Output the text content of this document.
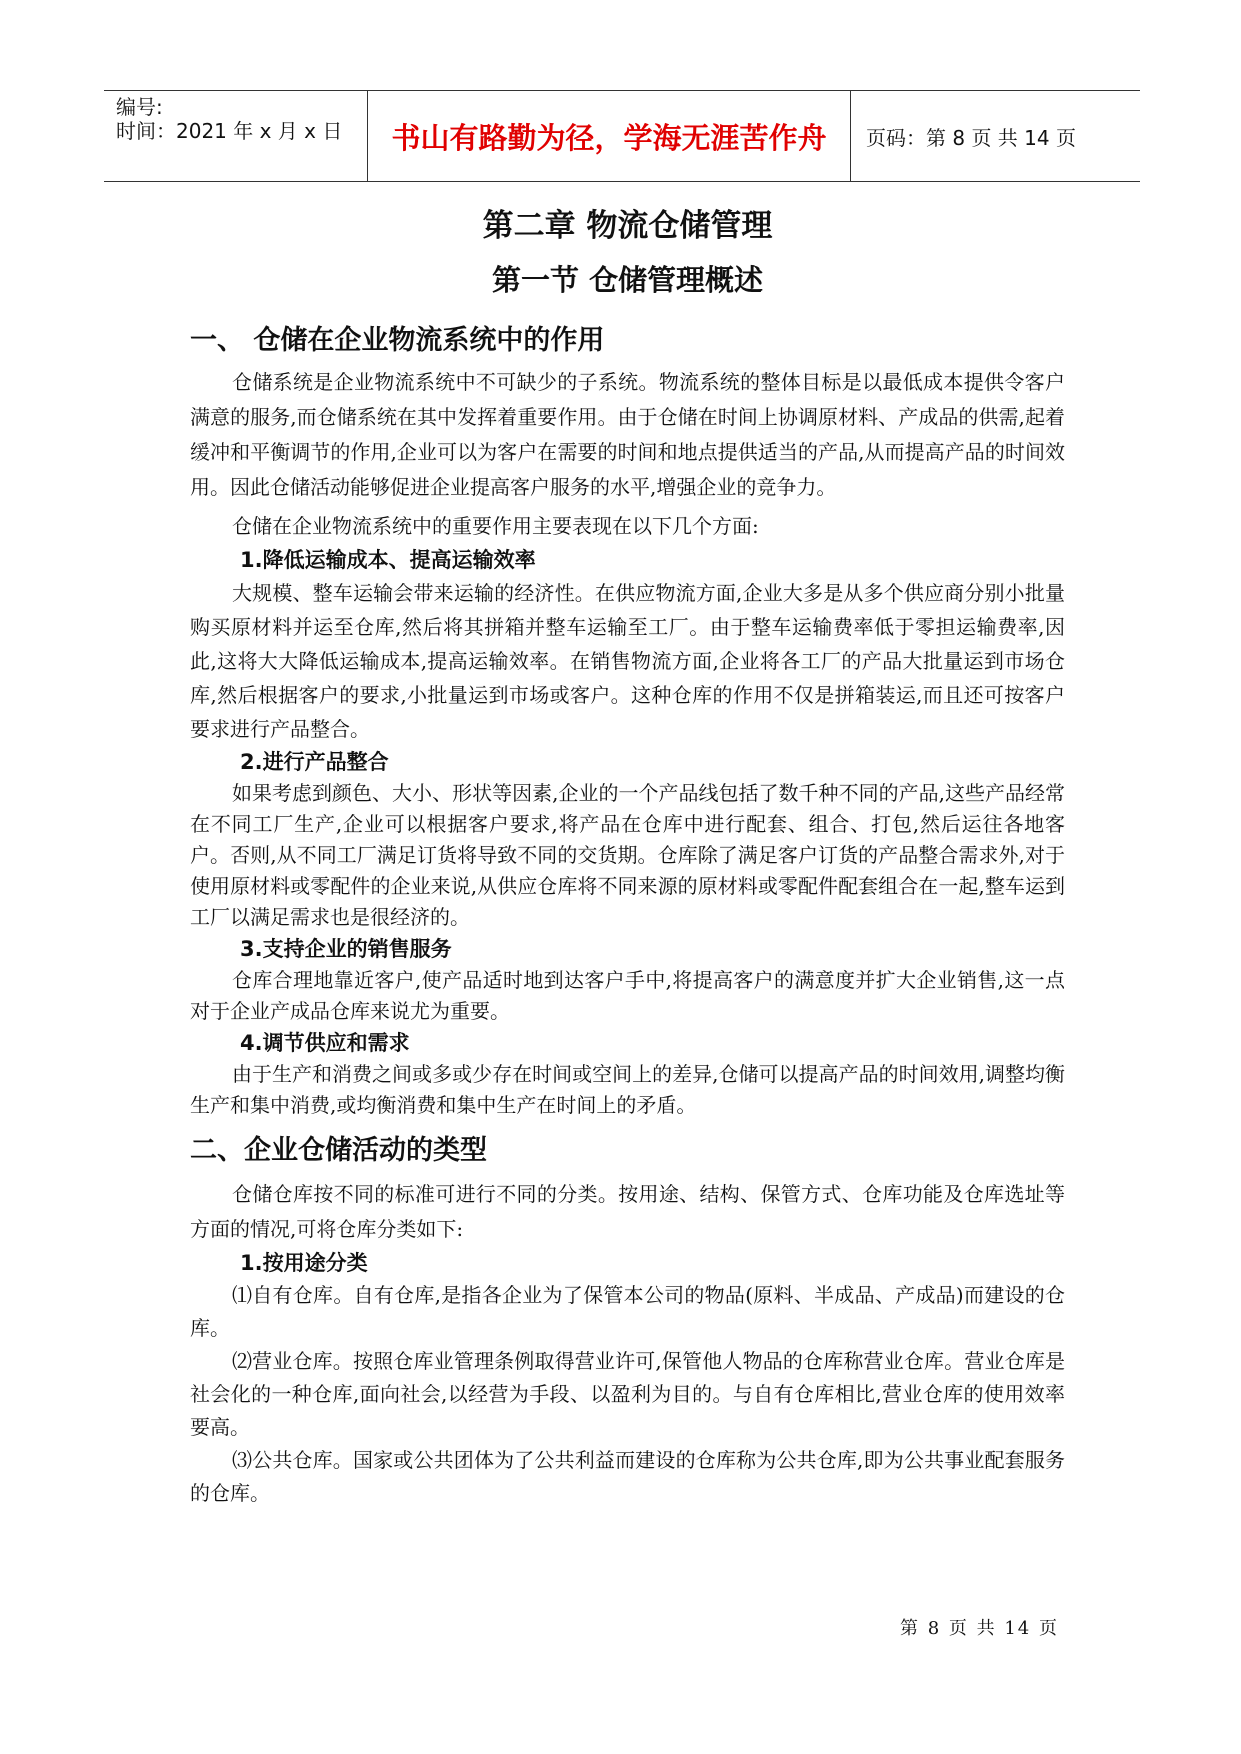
编号:
时间：2021 年 x 月 x 日	书山有路勤为径，学海无涯苦作舟	页码：第 8 页 共 14 页
第二章 物流仓储管理
第一节 仓储管理概述
一、 仓储在企业物流系统中的作用

仓储系统是企业物流系统中不可缺少的子系统。物流系统的整体目标是以最低成本提供令客户满意的服务,而仓储系统在其中发挥着重要作用。由于仓储在时间上协调原材料、产成品的供需,起着缓冲和平衡调节的作用,企业可以为客户在需要的时间和地点提供适当的产品,从而提高产品的时间效用。因此仓储活动能够促进企业提高客户服务的水平,增强企业的竞争力。

仓储在企业物流系统中的重要作用主要表现在以下几个方面:

1.降低运输成本、提高运输效率

大规模、整车运输会带来运输的经济性。在供应物流方面,企业大多是从多个供应商分别小批量购买原材料并运至仓库,然后将其拼箱并整车运输至工厂。由于整车运输费率低于零担运输费率,因此,这将大大降低运输成本,提高运输效率。在销售物流方面,企业将各工厂的产品大批量运到市场仓库,然后根据客户的要求,小批量运到市场或客户。这种仓库的作用不仅是拼箱装运,而且还可按客户要求进行产品整合。

2.进行产品整合

如果考虑到颜色、大小、形状等因素,企业的一个产品线包括了数千种不同的产品,这些产品经常在不同工厂生产,企业可以根据客户要求,将产品在仓库中进行配套、组合、打包,然后运往各地客户。否则,从不同工厂满足订货将导致不同的交货期。仓库除了满足客户订货的产品整合需求外,对于使用原材料或零配件的企业来说,从供应仓库将不同来源的原材料或零配件配套组合在一起,整车运到工厂以满足需求也是很经济的。

3.支持企业的销售服务

仓库合理地靠近客户,使产品适时地到达客户手中,将提高客户的满意度并扩大企业销售,这一点对于企业产成品仓库来说尤为重要。

4.调节供应和需求

由于生产和消费之间或多或少存在时间或空间上的差异,仓储可以提高产品的时间效用,调整均衡生产和集中消费,或均衡消费和集中生产在时间上的矛盾。

二、企业仓储活动的类型

仓储仓库按不同的标准可进行不同的分类。按用途、结构、保管方式、仓库功能及仓库选址等方面的情况,可将仓库分类如下:

1.按用途分类

⑴自有仓库。自有仓库,是指各企业为了保管本公司的物品(原料、半成品、产成品)而建设的仓库。

⑵营业仓库。按照仓库业管理条例取得营业许可,保管他人物品的仓库称营业仓库。营业仓库是社会化的一种仓库,面向社会,以经营为手段、以盈利为目的。与自有仓库相比,营业仓库的使用效率要高。

⑶公共仓库。国家或公共团体为了公共利益而建设的仓库称为公共仓库,即为公共事业配套服务的仓库。

第 8 页 共 14 页
